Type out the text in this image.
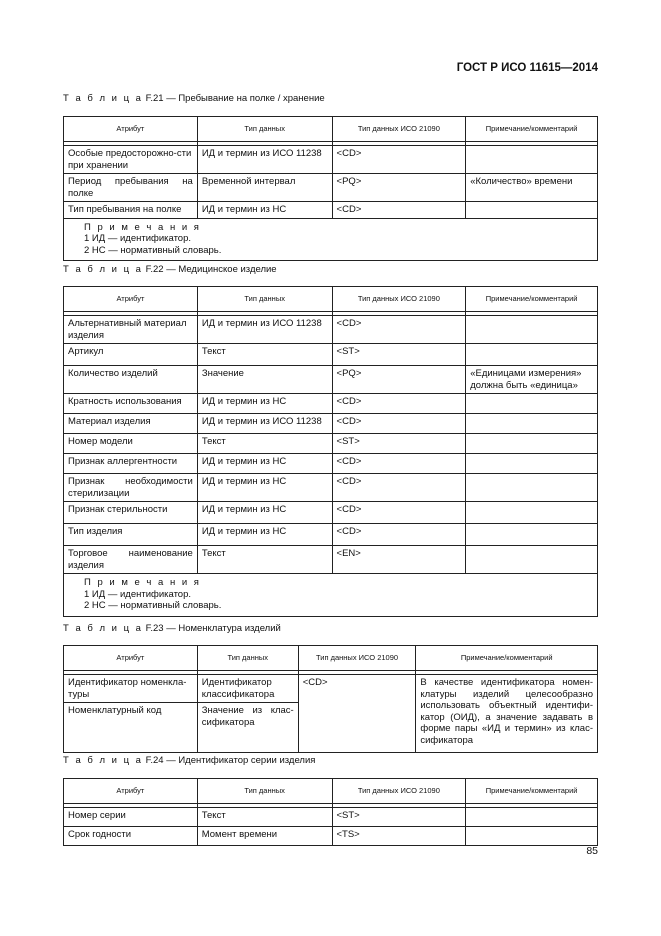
ГОСТ Р ИСО 11615—2014
Т а б л и ц а F.21 — Пребывание на полке / хранение
Атрибут	Тип данных	Тип данных ИСО 21090	Примечание/комментарий

Особые предосторожно-сти при хранении	ИД и термин из ИСО 11238	<CD>	
Период пребывания на полке	Временной интервал	<PQ>	«Количество» времени
Тип пребывания на полке	ИД и термин из НС	<CD>	

П р и м е ч а н и я
1 ИД — идентификатор.
2 НС — нормативный словарь.			
Т а б л и ц а F.22 — Медицинское изделие
Атрибут	Тип данных	Тип данных ИСО 21090	Примечание/комментарий

Альтернативный материал изделия	ИД и термин из ИСО 11238	<CD>	
Артикул	Текст	<ST>	
Количество изделий	Значение	<PQ>	«Единицами измерения» должна быть «единица»
Кратность использования	ИД и термин из НС	<CD>	
Материал изделия	ИД и термин из ИСО 11238	<CD>	
Номер модели	Текст	<ST>	
Признак аллергентности	ИД и термин из НС	<CD>	
Признак необходимости стерилизации	ИД и термин из НС	<CD>	
Признак стерильности	ИД и термин из НС	<CD>	
Тип изделия	ИД и термин из НС	<CD>	
Торговое наименование изделия	Текст	<EN>	

П р и м е ч а н и я
1 ИД — идентификатор.
2 НС — нормативный словарь.			
Т а б л и ц а F.23 — Номенклатура изделий
Атрибут	Тип данных	Тип данных ИСО 21090	Примечание/комментарий

Идентификатор номенкла-туры	Идентификатор классификатора	<CD>	В качестве идентификатора номен-клатуры изделий целесообразно использовать объектный идентифи-катор (ОИД), а значение задавать в форме пары «ИД и термин» из клас-сификатора
Номенклатурный код	Значение из клас-сификатора		
Т а б л и ц а F.24 — Идентификатор серии изделия
Атрибут	Тип данных	Тип данных ИСО 21090	Примечание/комментарий

Номер серии	Текст	<ST>	
Срок годности	Момент времени	<TS>	
85
